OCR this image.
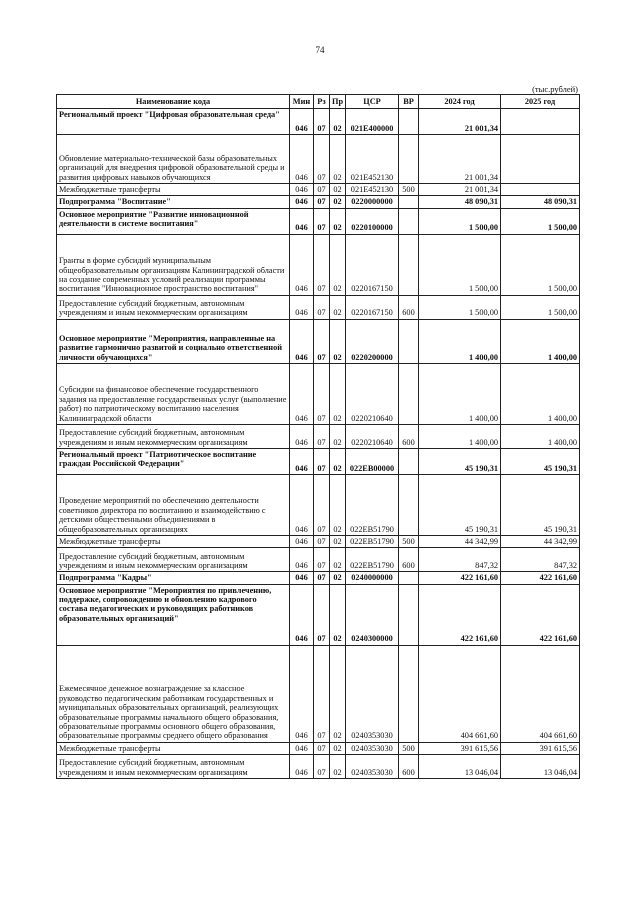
74
(тыс.рублей)
Наименование кода	Мин	Рз	Пр	ЦСР	ВР	2024 год	2025 год
Региональный проект "Цифровая образовательная среда"	046	07	02	021E400000		21 001,34	
Обновление материально-технической базы образовательных организаций для внедрения цифровой образовательной среды и развития цифровых навыков обучающихся	046	07	02	021E452130		21 001,34	
Межбюджетные трансферты	046	07	02	021E452130	500	21 001,34	
Подпрограмма "Воспитание"	046	07	02	0220000000		48 090,31	48 090,31
Основное мероприятие "Развитие инновационной деятельности в системе воспитания"	046	07	02	0220100000		1 500,00	1 500,00
Гранты в форме субсидий муниципальным общеобразовательным организациям Калининградской области на создание современных условий реализации программы воспитания "Инновационное пространство воспитания"	046	07	02	0220167150		1 500,00	1 500,00
Предоставление субсидий бюджетным, автономным учреждениям и иным некоммерческим организациям	046	07	02	0220167150	600	1 500,00	1 500,00
Основное мероприятие "Мероприятия, направленные на развитие гармонично развитой и социально ответственной личности обучающихся"	046	07	02	0220200000		1 400,00	1 400,00
Субсидии на финансовое обеспечение государственного задания на предоставление государственных услуг (выполнение работ) по патриотическому воспитанию населения Калининградской области	046	07	02	0220210640		1 400,00	1 400,00
Предоставление субсидий бюджетным, автономным учреждениям и иным некоммерческим организациям	046	07	02	0220210640	600	1 400,00	1 400,00
Региональный проект "Патриотическое воспитание граждан Российской Федерации"	046	07	02	022EB00000		45 190,31	45 190,31
Проведение мероприятий по обеспечению деятельности советников директора по воспитанию и взаимодействию с детскими общественными объединениями в общеобразовательных организациях	046	07	02	022EB51790		45 190,31	45 190,31
Межбюджетные трансферты	046	07	02	022EB51790	500	44 342,99	44 342,99
Предоставление субсидий бюджетным, автономным учреждениям и иным некоммерческим организациям	046	07	02	022EB51790	600	847,32	847,32
Подпрограмма "Кадры"	046	07	02	0240000000		422 161,60	422 161,60
Основное мероприятие "Мероприятия по привлечению, поддержке, сопровождению и обновлению кадрового состава педагогических и руководящих работников образовательных организаций"	046	07	02	0240300000		422 161,60	422 161,60
Ежемесячное денежное вознаграждение за классное руководство педагогическим работникам государственных и муниципальных образовательных организаций, реализующих образовательные программы начального общего образования, образовательные программы основного общего образования, образовательные программы среднего общего образования	046	07	02	0240353030		404 661,60	404 661,60
Межбюджетные трансферты	046	07	02	0240353030	500	391 615,56	391 615,56
Предоставление субсидий бюджетным, автономным учреждениям и иным некоммерческим организациям	046	07	02	0240353030	600	13 046,04	13 046,04
